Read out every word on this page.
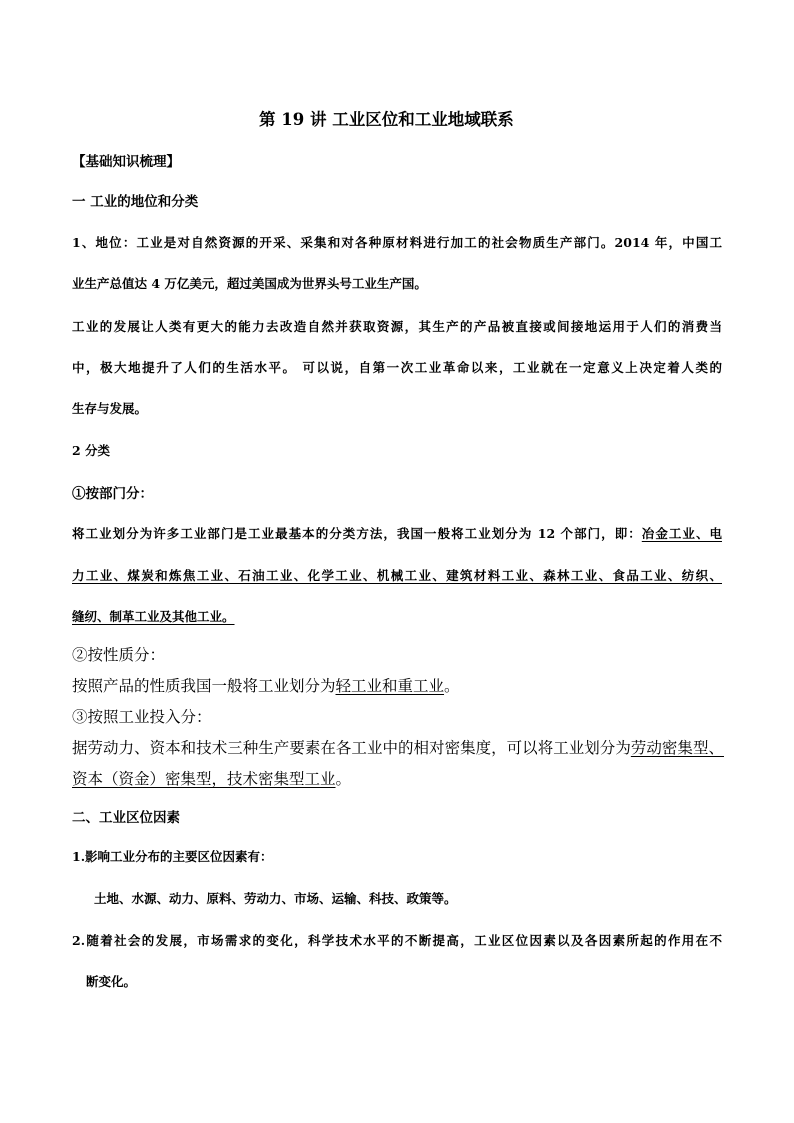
第 19 讲 工业区位和工业地域联系
【基础知识梳理】
一 工业的地位和分类
1、地位：工业是对自然资源的开采、采集和对各种原材料进行加工的社会物质生产部门。2014 年，中国工
业生产总值达 4 万亿美元，超过美国成为世界头号工业生产国。
工业的发展让人类有更大的能力去改造自然并获取资源，其生产的产品被直接或间接地运用于人们的消费当
中，极大地提升了人们的生活水平。 可以说，自第一次工业革命以来，工业就在一定意义上决定着人类的
生存与发展。
2 分类
①按部门分：
将工业划分为许多工业部门是工业最基本的分类方法，我国一般将工业划分为 12 个部门，即：冶金工业、电
力工业、煤炭和炼焦工业、石油工业、化学工业、机械工业、建筑材料工业、森林工业、食品工业、纺织、
缝纫、制革工业及其他工业。
②按性质分：
按照产品的性质我国一般将工业划分为轻工业和重工业。
③按照工业投入分：
据劳动力、资本和技术三种生产要素在各工业中的相对密集度，可以将工业划分为劳动密集型、
资本（资金）密集型，技术密集型工业。
二、工业区位因素
1.影响工业分布的主要区位因素有：
土地、水源、动力、原料、劳动力、市场、运输、科技、政策等。
2.随着社会的发展，市场需求的变化，科学技术水平的不断提高，工业区位因素以及各因素所起的作用在不
断变化。
